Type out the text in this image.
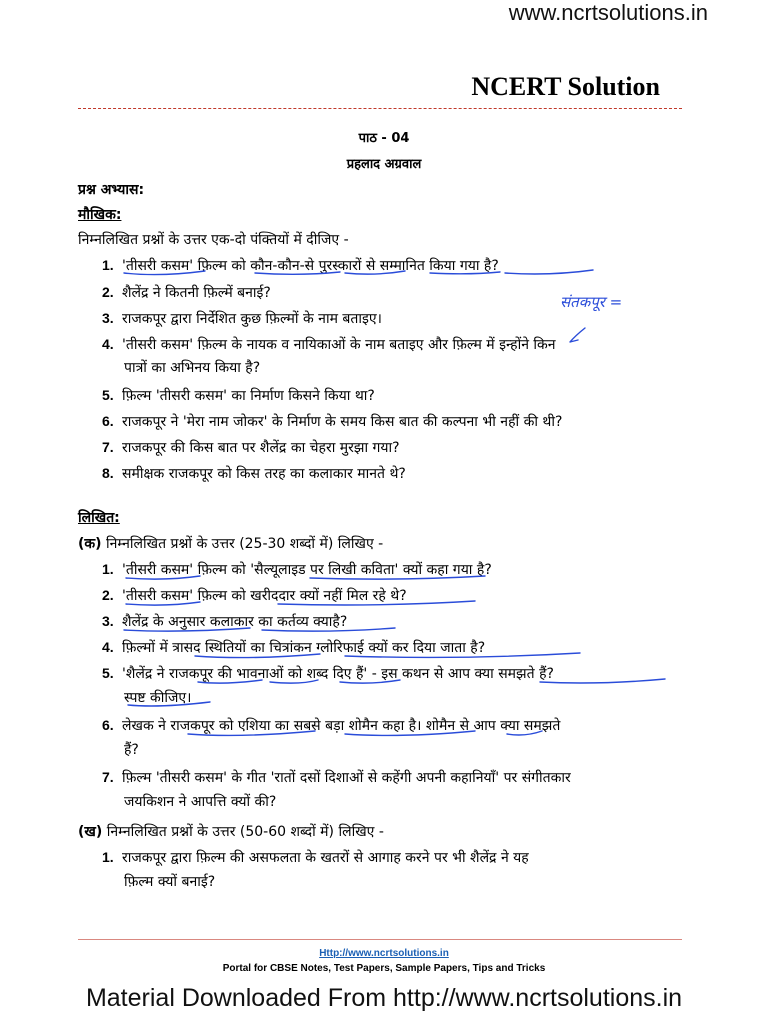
www.ncrtsolutions.in
NCERT Solution
पाठ - 04
प्रहलाद अग्रवाल
प्रश्न अभ्यास:
मौखिक:
निम्नलिखित प्रश्नों के उत्तर एक-दो पंक्तियों में दीजिए -
1. 'तीसरी कसम' फ़िल्म को कौन-कौन-से पुरस्कारों से सम्मानित किया गया है?
2. शैलेंद्र ने कितनी फ़िल्में बनाई?
3. राजकपूर द्वारा निर्देशित कुछ फ़िल्मों के नाम बताइए।
4. 'तीसरी कसम' फ़िल्म के नायक व नायिकाओं के नाम बताइए और फ़िल्म में इन्होंने किन
पात्रों का अभिनय किया है?
5. फ़िल्म 'तीसरी कसम' का निर्माण किसने किया था?
6. राजकपूर ने 'मेरा नाम जोकर' के निर्माण के समय किस बात की कल्पना भी नहीं की थी?
7. राजकपूर की किस बात पर शैलेंद्र का चेहरा मुरझा गया?
8. समीक्षक राजकपूर को किस तरह का कलाकार मानते थे?
लिखित:
(क) निम्नलिखित प्रश्नों के उत्तर (25-30 शब्दों में) लिखिए -
1. 'तीसरी कसम' फ़िल्म को 'सैल्यूलाइड पर लिखी कविता' क्यों कहा गया है?
2. 'तीसरी कसम' फ़िल्म को खरीददार क्यों नहीं मिल रहे थे?
3. शैलेंद्र के अनुसार कलाकार का कर्तव्य क्याहै?
4. फ़िल्मों में त्रासद स्थितियों का चित्रांकन ग्लोरिफाई क्यों कर दिया जाता है?
5. 'शैलेंद्र ने राजकपूर की भावनाओं को शब्द दिए हैं' - इस कथन से आप क्या समझते हैं?
स्पष्ट कीजिए।
6. लेखक ने राजकपूर को एशिया का सबसे बड़ा शोमैन कहा है। शोमैन से आप क्या समझते
हैं?
7. फ़िल्म 'तीसरी कसम' के गीत 'रातों दसों दिशाओं से कहेंगी अपनी कहानियाँ' पर संगीतकार
जयकिशन ने आपत्ति क्यों की?
(ख) निम्नलिखित प्रश्नों के उत्तर (50-60 शब्दों में) लिखिए -
1. राजकपूर द्वारा फ़िल्म की असफलता के खतरों से आगाह करने पर भी शैलेंद्र ने यह
फ़िल्म क्यों बनाई?
संतकपूर =
Http://www.ncrtsolutions.in
Portal for CBSE Notes, Test Papers, Sample Papers, Tips and Tricks
Material Downloaded From http://www.ncrtsolutions.in
